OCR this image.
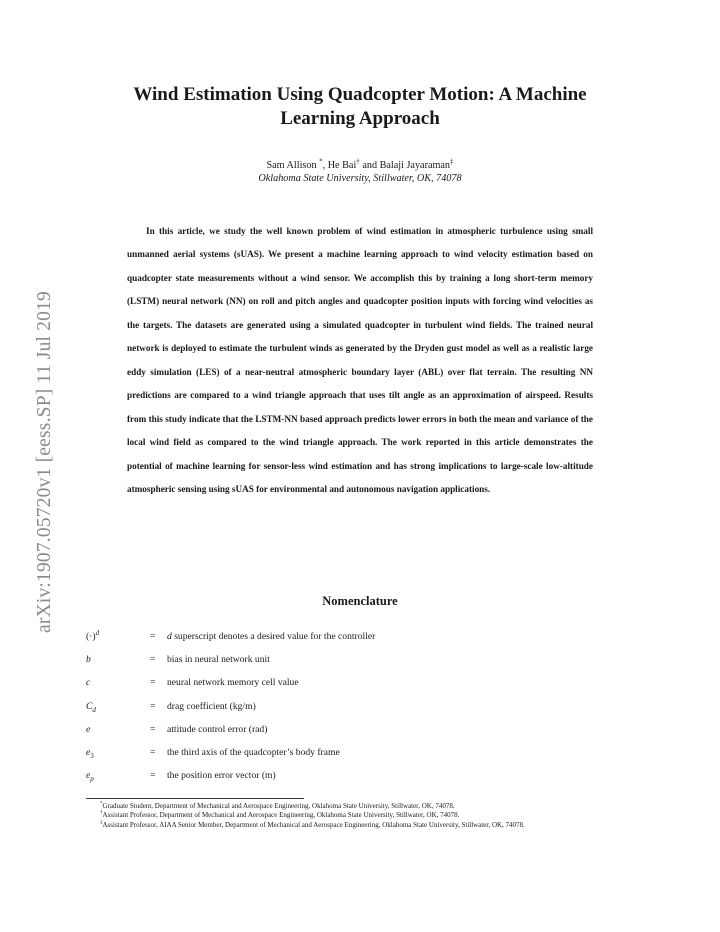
arXiv:1907.05720v1 [eess.SP] 11 Jul 2019
Wind Estimation Using Quadcopter Motion: A Machine Learning Approach
Sam Allison *, He Bai† and Balaji Jayaraman‡
Oklahoma State University, Stillwater, OK, 74078

In this article, we study the well known problem of wind estimation in atmospheric turbulence using small unmanned aerial systems (sUAS). We present a machine learning approach to wind velocity estimation based on quadcopter state measurements without a wind sensor. We accomplish this by training a long short-term memory (LSTM) neural network (NN) on roll and pitch angles and quadcopter position inputs with forcing wind velocities as the targets. The datasets are generated using a simulated quadcopter in turbulent wind fields. The trained neural network is deployed to estimate the turbulent winds as generated by the Dryden gust model as well as a realistic large eddy simulation (LES) of a near-neutral atmospheric boundary layer (ABL) over flat terrain. The resulting NN predictions are compared to a wind triangle approach that uses tilt angle as an approximation of airspeed. Results from this study indicate that the LSTM-NN based approach predicts lower errors in both the mean and variance of the local wind field as compared to the wind triangle approach. The work reported in this article demonstrates the potential of machine learning for sensor-less wind estimation and has strong implications to large-scale low-altitude atmospheric sensing using sUAS for environmental and autonomous navigation applications.

Nomenclature
$(\cdot)^d$	= d superscript denotes a desired value for the controller
b	= bias in neural network unit
c	= neural network memory cell value
$C_d$	= drag coefficient (kg/m)
e	= attitude control error (rad)
$e_3$	= the third axis of the quadcopter’s body frame
$e_p$	= the position error vector (m)

*Graduate Student, Department of Mechanical and Aerospace Engineering, Oklahoma State University, Stillwater, OK, 74078.

†Assistant Professor, Department of Mechanical and Aerospace Engineering, Oklahoma State University, Stillwater, OK, 74078.

‡Assistant Professor, AIAA Senior Member, Department of Mechanical and Aerospace Engineering, Oklahoma State University, Stillwater, OK, 74078.
